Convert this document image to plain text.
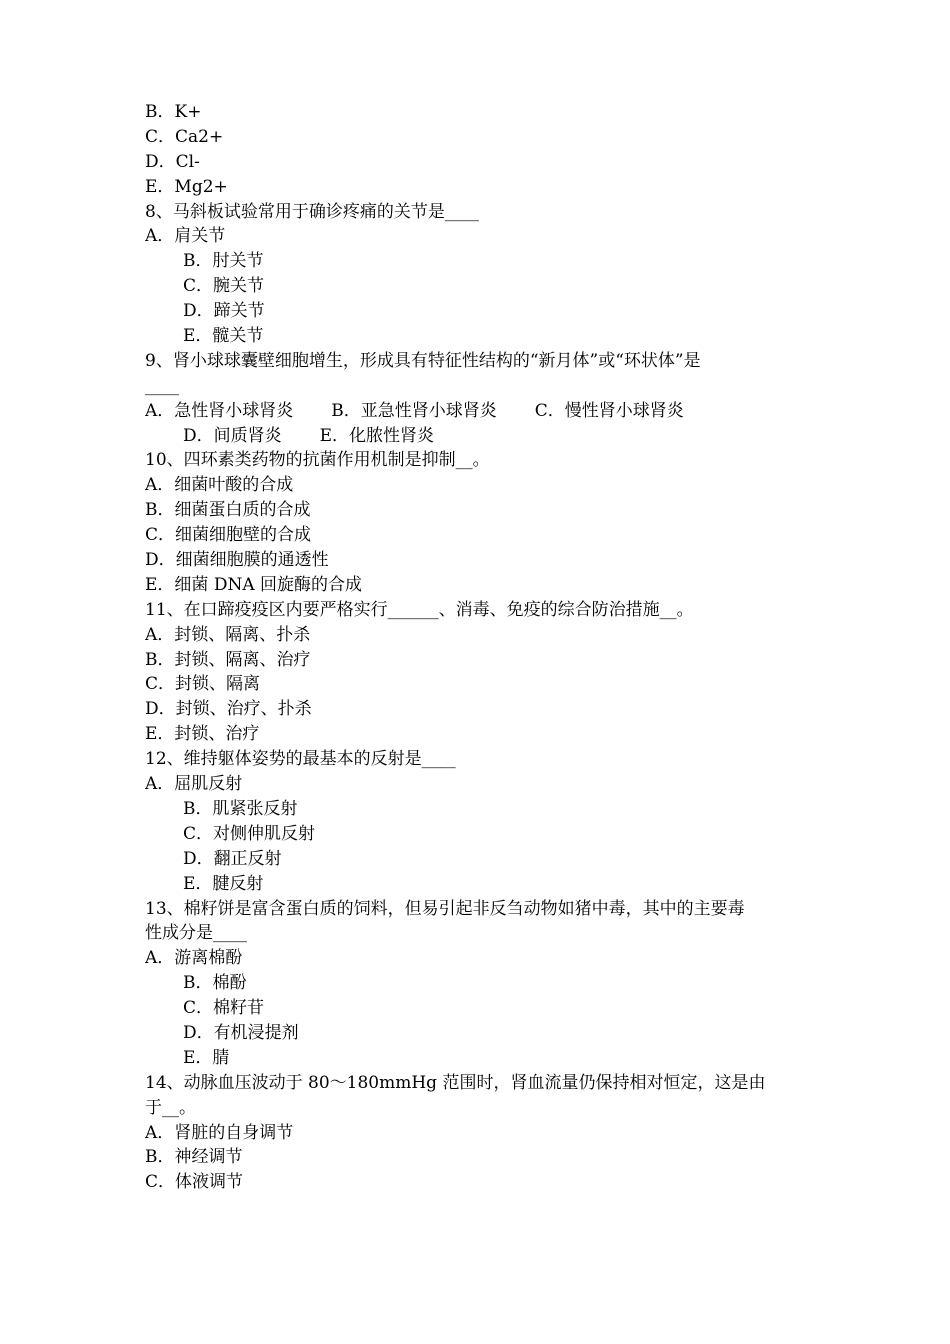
B．K+
C．Ca2+
D．Cl-
E．Mg2+
8、马斜板试验常用于确诊疼痛的关节是____
A．肩关节
B．肘关节
C．腕关节
D．蹄关节
E．髋关节
9、肾小球球囊壁细胞增生，形成具有特征性结构的“新月体”或“环状体”是
____
A．急性肾小球肾炎 B．亚急性肾小球肾炎 C．慢性肾小球肾炎
D．间质肾炎 E．化脓性肾炎
10、四环素类药物的抗菌作用机制是抑制__。
A．细菌叶酸的合成
B．细菌蛋白质的合成
C．细菌细胞壁的合成
D．细菌细胞膜的通透性
E．细菌 DNA 回旋酶的合成
11、在口蹄疫疫区内要严格实行______、消毒、免疫的综合防治措施__。
A．封锁、隔离、扑杀
B．封锁、隔离、治疗
C．封锁、隔离
D．封锁、治疗、扑杀
E．封锁、治疗
12、维持躯体姿势的最基本的反射是____
A．屈肌反射
B．肌紧张反射
C．对侧伸肌反射
D．翻正反射
E．腱反射
13、棉籽饼是富含蛋白质的饲料，但易引起非反刍动物如猪中毒，其中的主要毒
性成分是____
A．游离棉酚
B．棉酚
C．棉籽苷
D．有机浸提剂
E．腈
14、动脉血压波动于 80～180mmHg 范围时，肾血流量仍保持相对恒定，这是由
于__。
A．肾脏的自身调节
B．神经调节
C．体液调节
